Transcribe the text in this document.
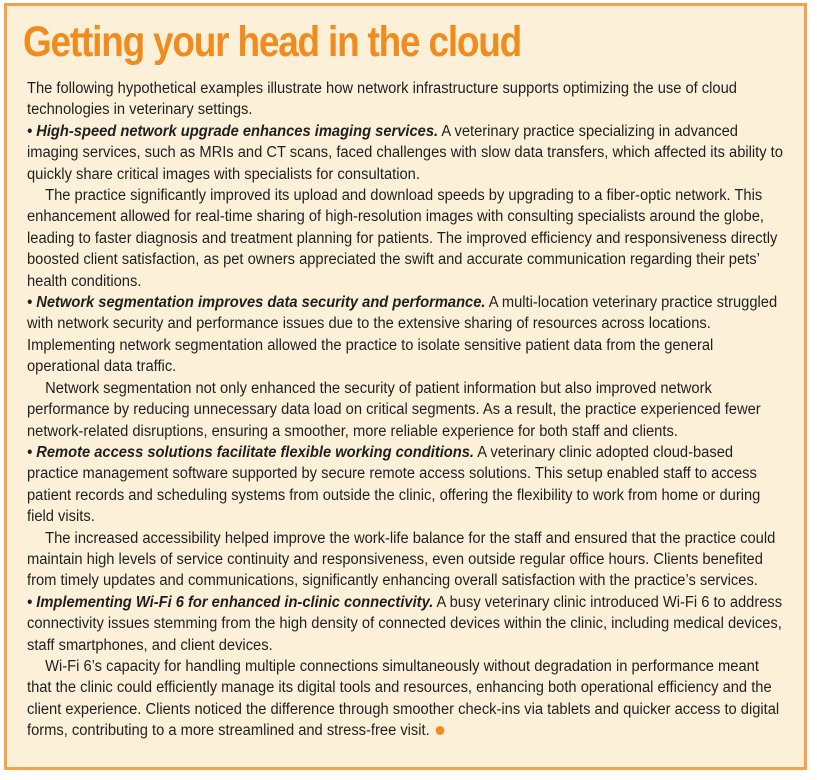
Getting your head in the cloud

The following hypothetical examples illustrate how network infrastructure supports optimizing the use of cloud technologies in veterinary settings.

• High-speed network upgrade enhances imaging services. A veterinary practice specializing in advanced imaging services, such as MRIs and CT scans, faced challenges with slow data transfers, which affected its ability to quickly share critical images with specialists for consultation.

The practice significantly improved its upload and download speeds by upgrading to a fiber-optic network. This enhancement allowed for real-time sharing of high-resolution images with consulting specialists around the globe, leading to faster diagnosis and treatment planning for patients. The improved efficiency and responsiveness directly boosted client satisfaction, as pet owners appreciated the swift and accurate communication regarding their pets’ health conditions.

• Network segmentation improves data security and performance. A multi-location veterinary practice struggled with network security and performance issues due to the extensive sharing of resources across locations. Implementing network segmentation allowed the practice to isolate sensitive patient data from the general operational data traffic.

Network segmentation not only enhanced the security of patient information but also improved network performance by reducing unnecessary data load on critical segments. As a result, the practice experienced fewer network-related disruptions, ensuring a smoother, more reliable experience for both staff and clients.

• Remote access solutions facilitate flexible working conditions. A veterinary clinic adopted cloud-based practice management software supported by secure remote access solutions. This setup enabled staff to access patient records and scheduling systems from outside the clinic, offering the flexibility to work from home or during field visits.

The increased accessibility helped improve the work-life balance for the staff and ensured that the practice could maintain high levels of service continuity and responsiveness, even outside regular office hours. Clients benefited from timely updates and communications, significantly enhancing overall satisfaction with the practice’s services.

• Implementing Wi-Fi 6 for enhanced in-clinic connectivity. A busy veterinary clinic introduced Wi-Fi 6 to address connectivity issues stemming from the high density of connected devices within the clinic, including medical devices, staff smartphones, and client devices.

Wi-Fi 6’s capacity for handling multiple connections simultaneously without degradation in performance meant that the clinic could efficiently manage its digital tools and resources, enhancing both operational efficiency and the client experience. Clients noticed the difference through smoother check-ins via tablets and quicker access to digital forms, contributing to a more streamlined and stress-free visit.
